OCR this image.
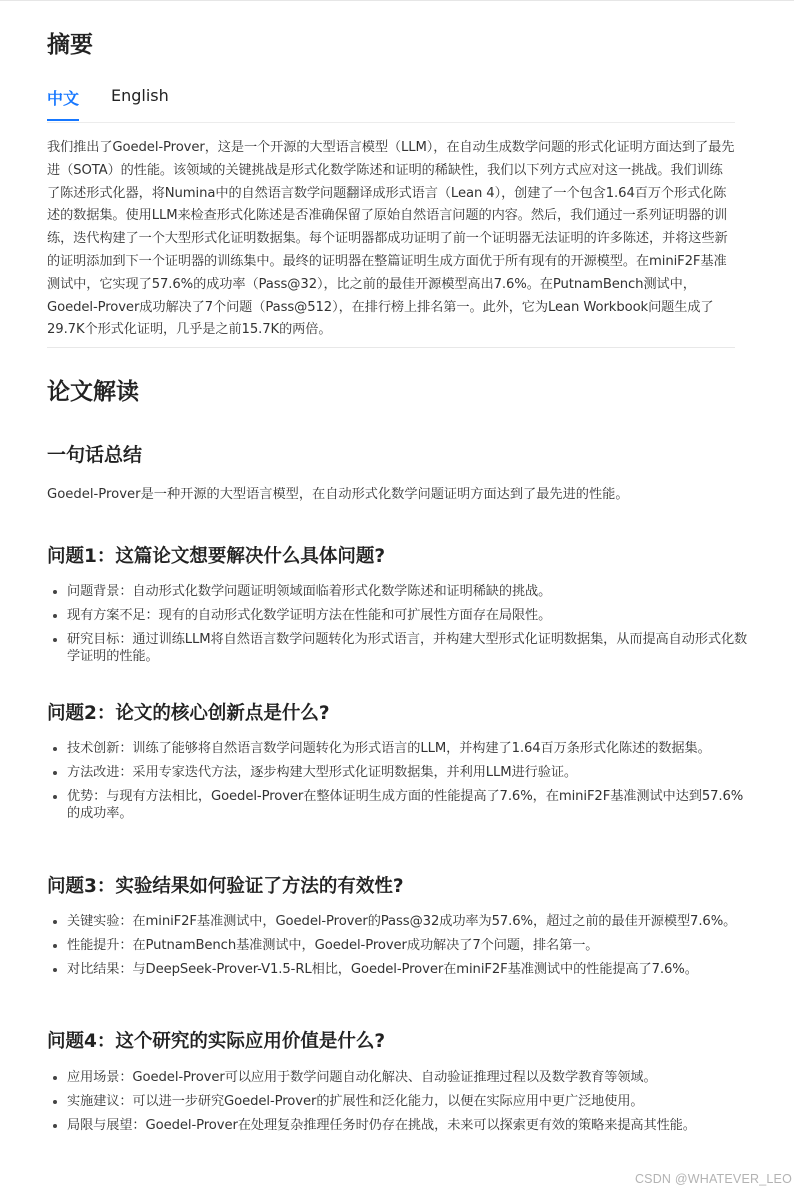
摘要
中文 English

我们推出了Goedel-Prover，这是一个开源的大型语言模型（LLM），在自动生成数学问题的形式化证明方面达到了最先进（SOTA）的性能。该领域的关键挑战是形式化数学陈述和证明的稀缺性，我们以下列方式应对这一挑战。我们训练了陈述形式化器，将Numina中的自然语言数学问题翻译成形式语言（Lean 4），创建了一个包含1.64百万个形式化陈述的数据集。使用LLM来检查形式化陈述是否准确保留了原始自然语言问题的内容。然后，我们通过一系列证明器的训练，迭代构建了一个大型形式化证明数据集。每个证明器都成功证明了前一个证明器无法证明的许多陈述，并将这些新的证明添加到下一个证明器的训练集中。最终的证明器在整篇证明生成方面优于所有现有的开源模型。在miniF2F基准测试中，它实现了57.6%的成功率（Pass@32），比之前的最佳开源模型高出7.6%。在PutnamBench测试中，Goedel-Prover成功解决了7个问题（Pass@512），在排行榜上排名第一。此外，它为Lean Workbook问题生成了29.7K个形式化证明，几乎是之前15.7K的两倍。

论文解读
一句话总结

Goedel-Prover是一种开源的大型语言模型，在自动形式化数学问题证明方面达到了最先进的性能。

问题1：这篇论文想要解决什么具体问题?
问题背景：自动形式化数学问题证明领域面临着形式化数学陈述和证明稀缺的挑战。
现有方案不足：现有的自动形式化数学证明方法在性能和可扩展性方面存在局限性。
研究目标：通过训练LLM将自然语言数学问题转化为形式语言，并构建大型形式化证明数据集，从而提高自动形式化数学证明的性能。
问题2：论文的核心创新点是什么?
技术创新：训练了能够将自然语言数学问题转化为形式语言的LLM，并构建了1.64百万条形式化陈述的数据集。
方法改进：采用专家迭代方法，逐步构建大型形式化证明数据集，并利用LLM进行验证。
优势：与现有方法相比，Goedel-Prover在整体证明生成方面的性能提高了7.6%，在miniF2F基准测试中达到57.6%的成功率。
问题3：实验结果如何验证了方法的有效性?
关键实验：在miniF2F基准测试中，Goedel-Prover的Pass@32成功率为57.6%，超过之前的最佳开源模型7.6%。
性能提升：在PutnamBench基准测试中，Goedel-Prover成功解决了7个问题，排名第一。
对比结果：与DeepSeek-Prover-V1.5-RL相比，Goedel-Prover在miniF2F基准测试中的性能提高了7.6%。
问题4：这个研究的实际应用价值是什么?
应用场景：Goedel-Prover可以应用于数学问题自动化解决、自动验证推理过程以及数学教育等领域。
实施建议：可以进一步研究Goedel-Prover的扩展性和泛化能力，以便在实际应用中更广泛地使用。
局限与展望：Goedel-Prover在处理复杂推理任务时仍存在挑战，未来可以探索更有效的策略来提高其性能。
CSDN @WHATEVER_LEO
